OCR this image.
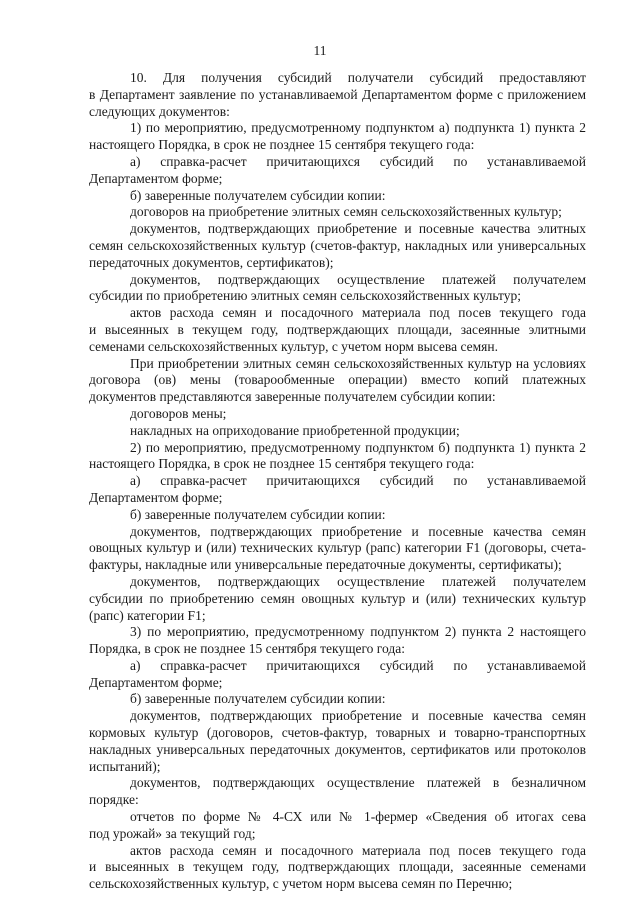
11
10. Для получения субсидий получатели субсидий предоставляют
в Департамент заявление по устанавливаемой Департаментом форме с приложением
следующих документов:
1) по мероприятию, предусмотренному подпунктом а) подпункта 1) пункта 2
настоящего Порядка, в срок не позднее 15 сентября текущего года:
а) справка-расчет причитающихся субсидий по устанавливаемой
Департаментом форме;
б) заверенные получателем субсидии копии:
договоров на приобретение элитных семян сельскохозяйственных культур;
документов, подтверждающих приобретение и посевные качества элитных
семян сельскохозяйственных культур (счетов-фактур, накладных или универсальных
передаточных документов, сертификатов);
документов, подтверждающих осуществление платежей получателем
субсидии по приобретению элитных семян сельскохозяйственных культур;
актов расхода семян и посадочного материала под посев текущего года
и высеянных в текущем году, подтверждающих площади, засеянные элитными
семенами сельскохозяйственных культур, с учетом норм высева семян.
При приобретении элитных семян сельскохозяйственных культур на условиях
договора (ов) мены (товарообменные операции) вместо копий платежных
документов представляются заверенные получателем субсидии копии:
договоров мены;
накладных на оприходование приобретенной продукции;
2) по мероприятию, предусмотренному подпунктом б) подпункта 1) пункта 2
настоящего Порядка, в срок не позднее 15 сентября текущего года:
а) справка-расчет причитающихся субсидий по устанавливаемой
Департаментом форме;
б) заверенные получателем субсидии копии:
документов, подтверждающих приобретение и посевные качества семян
овощных культур и (или) технических культур (рапс) категории F1 (договоры, счета-
фактуры, накладные или универсальные передаточные документы, сертификаты);
документов, подтверждающих осуществление платежей получателем
субсидии по приобретению семян овощных культур и (или) технических культур
(рапс) категории F1;
3) по мероприятию, предусмотренному подпунктом 2) пункта 2 настоящего
Порядка, в срок не позднее 15 сентября текущего года:
а) справка-расчет причитающихся субсидий по устанавливаемой
Департаментом форме;
б) заверенные получателем субсидии копии:
документов, подтверждающих приобретение и посевные качества семян
кормовых культур (договоров, счетов-фактур, товарных и товарно-транспортных
накладных универсальных передаточных документов, сертификатов или протоколов
испытаний);
документов, подтверждающих осуществление платежей в безналичном
порядке:
отчетов по форме № 4-СХ или № 1-фермер «Сведения об итогах сева
под урожай» за текущий год;
актов расхода семян и посадочного материала под посев текущего года
и высеянных в текущем году, подтверждающих площади, засеянные семенами
сельскохозяйственных культур, с учетом норм высева семян по Перечню;
